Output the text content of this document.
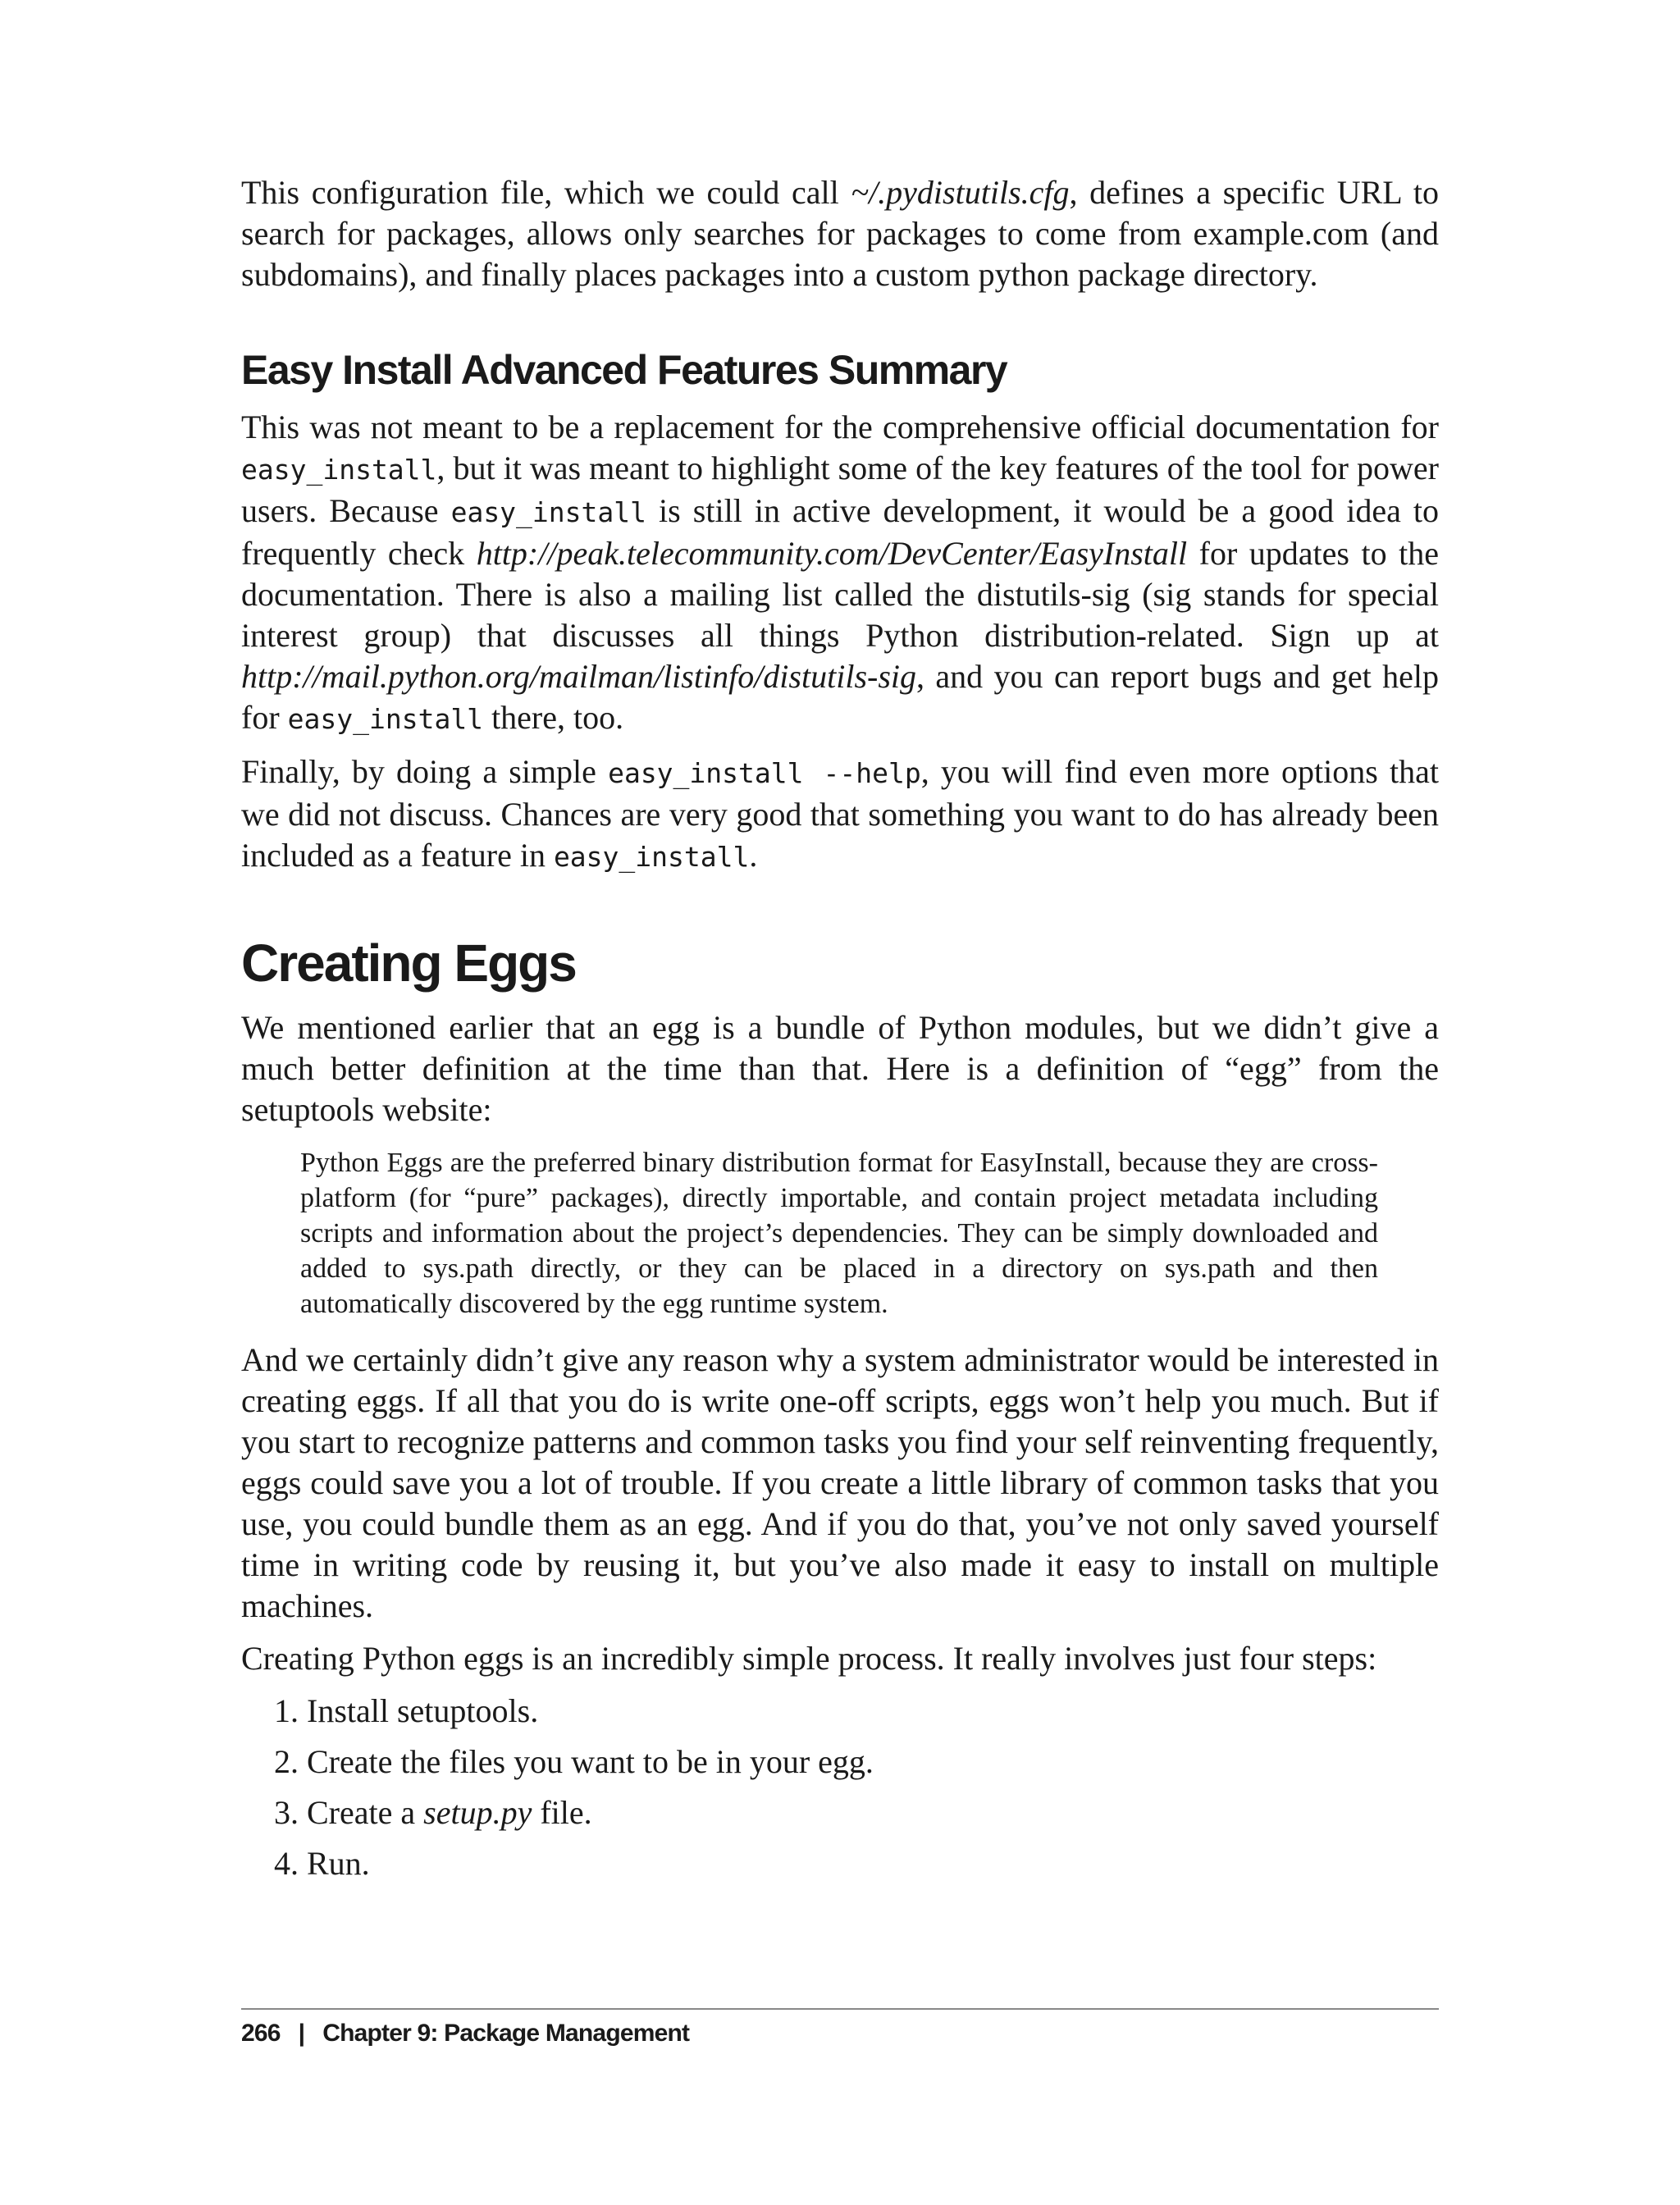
This configuration file, which we could call ~/.pydistutils.cfg, defines a specific URL to search for packages, allows only searches for packages to come from example.com (and subdomains), and finally places packages into a custom python package directory.

Easy Install Advanced Features Summary

This was not meant to be a replacement for the comprehensive official documentation for easy_install, but it was meant to highlight some of the key features of the tool for power users. Because easy_install is still in active development, it would be a good idea to frequently check http://peak.telecommunity.com/DevCenter/EasyInstall for updates to the documentation. There is also a mailing list called the distutils-sig (sig stands for special interest group) that discusses all things Python distribution-related. Sign up at http://mail.python.org/mailman/listinfo/distutils-sig, and you can report bugs and get help for easy_install there, too.

Finally, by doing a simple easy_install --help, you will find even more options that we did not discuss. Chances are very good that something you want to do has already been included as a feature in easy_install.

Creating Eggs

We mentioned earlier that an egg is a bundle of Python modules, but we didn’t give a much better definition at the time than that. Here is a definition of “egg” from the setuptools website:

Python Eggs are the preferred binary distribution format for EasyInstall, because they are cross-platform (for “pure” packages), directly importable, and contain project metadata including scripts and information about the project’s dependencies. They can be simply downloaded and added to sys.path directly, or they can be placed in a directory on sys.path and then automatically discovered by the egg runtime system.

And we certainly didn’t give any reason why a system administrator would be interested in creating eggs. If all that you do is write one-off scripts, eggs won’t help you much. But if you start to recognize patterns and common tasks you find your self reinventing frequently, eggs could save you a lot of trouble. If you create a little library of common tasks that you use, you could bundle them as an egg. And if you do that, you’ve not only saved yourself time in writing code by reusing it, but you’ve also made it easy to install on multiple machines.

Creating Python eggs is an incredibly simple process. It really involves just four steps:

1. Install setuptools.
2. Create the files you want to be in your egg.
3. Create a setup.py file.
4. Run.
266 | Chapter 9: Package Management
